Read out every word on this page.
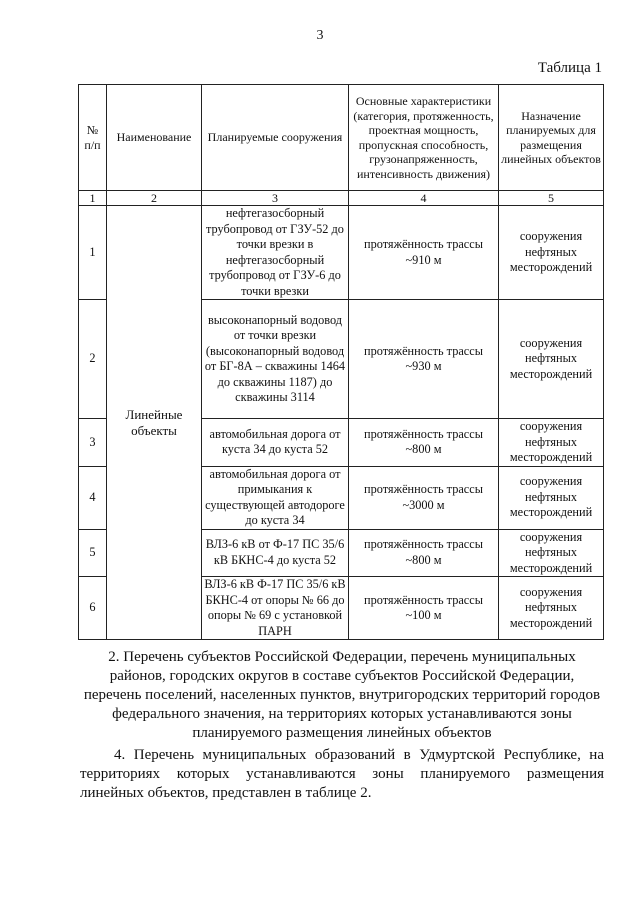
3
Таблица 1
№ п/п	Наименование	Планируемые сооружения	Основные характеристики (категория, протяженность, проектная мощность, пропускная способность, грузонапряженность, интенсивность движения)	Назначение планируемых для размещения линейных объектов
1	2	3	4	5
1	Линейные объекты	нефтегазосборный трубопровод от ГЗУ-52 до точки врезки в нефтегазосборный трубопровод от ГЗУ-6 до точки врезки	протяжённость трассы ~910 м	сооружения нефтяных месторождений
2		высоконапорный водовод от точки врезки (высоконапорный водовод от БГ-8А – скважины 1464 до скважины 1187) до скважины 3114	протяжённость трассы ~930 м	сооружения нефтяных месторождений
3		автомобильная дорога от куста 34 до куста 52	протяжённость трассы ~800 м	сооружения нефтяных месторождений
4		автомобильная дорога от примыкания к существующей автодороге до куста 34	протяжённость трассы ~3000 м	сооружения нефтяных месторождений
5		ВЛЗ-6 кВ от Ф-17 ПС 35/6 кВ БКНС-4 до куста 52	протяжённость трассы ~800 м	сооружения нефтяных месторождений
6		ВЛЗ-6 кВ Ф-17 ПС 35/6 кВ БКНС-4 от опоры № 66 до опоры № 69 с установкой ПАРН	протяжённость трассы ~100 м	сооружения нефтяных месторождений
2. Перечень субъектов Российской Федерации, перечень муниципальных районов, городских округов в составе субъектов Российской Федерации, перечень поселений, населенных пунктов, внутригородских территорий городов федерального значения, на территориях которых устанавливаются зоны планируемого размещения линейных объектов
4. Перечень муниципальных образований в Удмуртской Республике, на территориях которых устанавливаются зоны планируемого размещения линейных объектов, представлен в таблице 2.
